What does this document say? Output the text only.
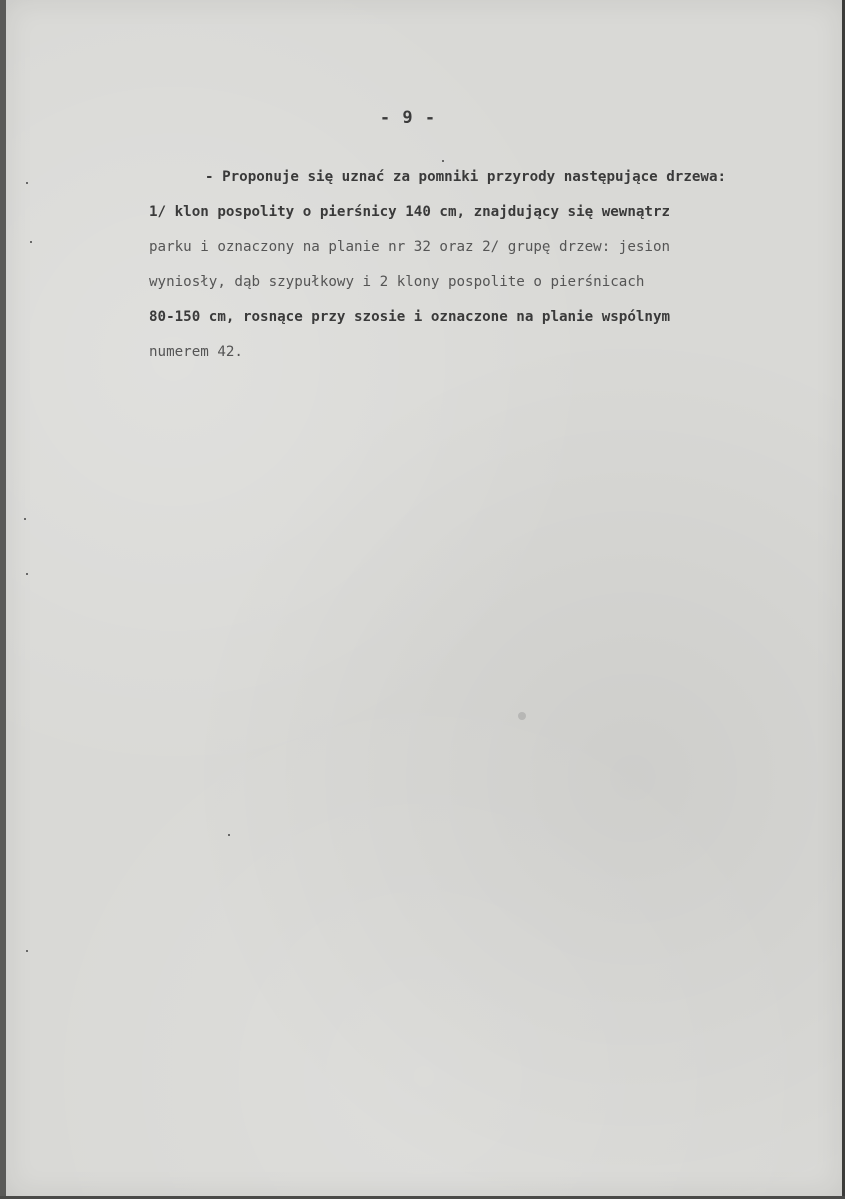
- 9 -
- Proponuje się uznać za pomniki przyrody następujące drzewa:
1/ klon pospolity o pierśnicy 140 cm, znajdujący się wewnątrz
parku i oznaczony na planie nr 32 oraz 2/ grupę drzew: jesion
wyniosły, dąb szypułkowy i 2 klony pospolite o pierśnicach
80-150 cm, rosnące przy szosie i oznaczone na planie wspólnym
numerem 42.
